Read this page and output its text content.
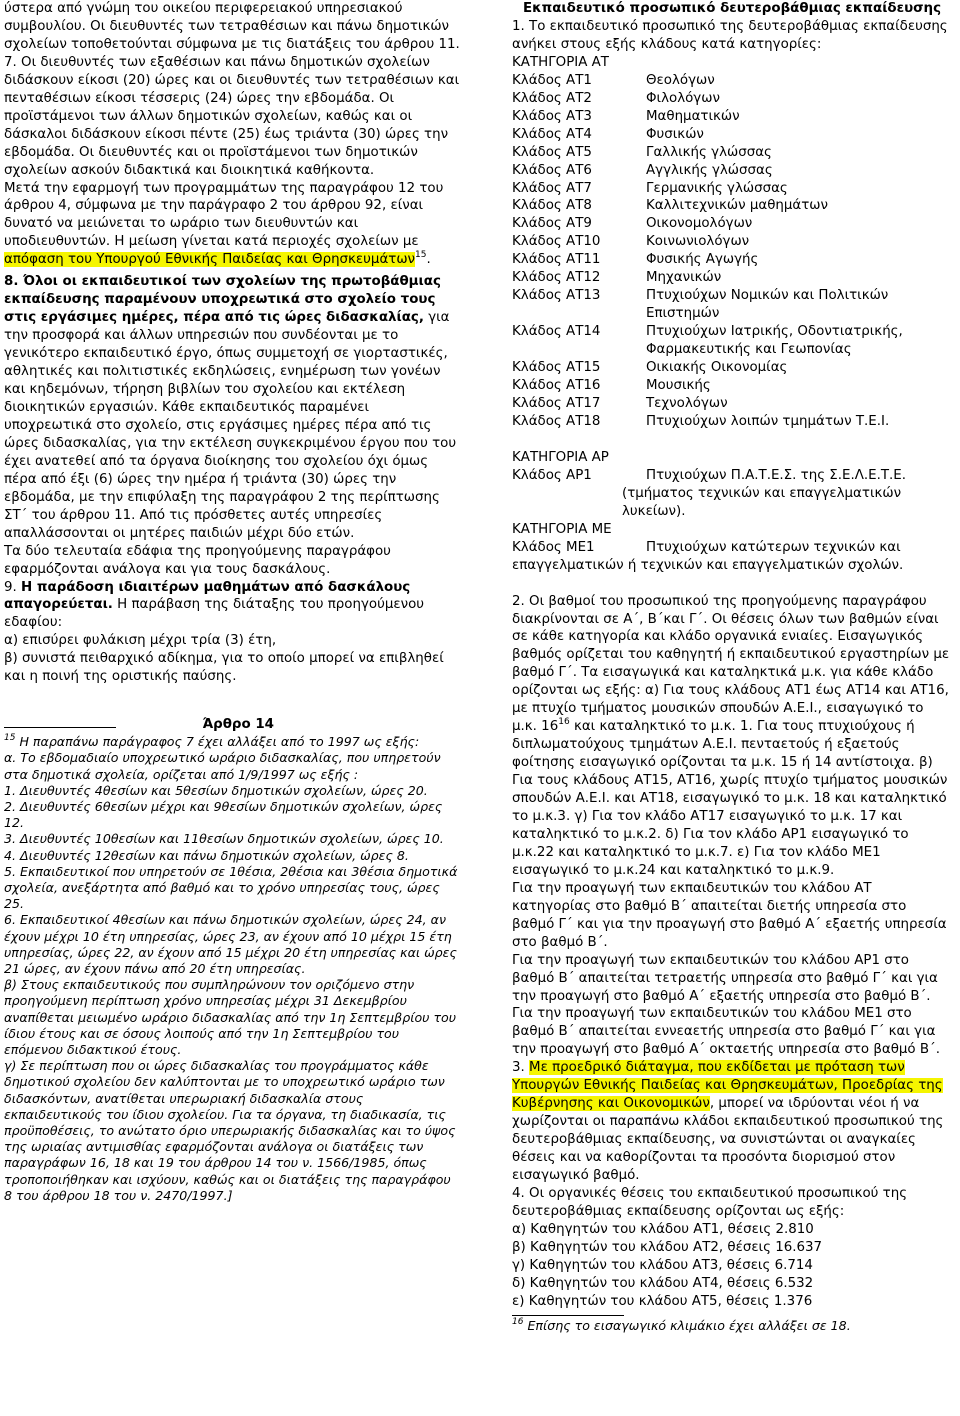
ύστερα από γνώμη του οικείου περιφερειακού υπηρεσιακού συμβουλίου. Οι διευθυντές των τετραθέσιων και πάνω δημοτικών σχολείων τοποθετούνται σύμφωνα με τις διατάξεις του άρθρου 11.

7. Οι διευθυντές των εξαθέσιων και πάνω δημοτικών σχολείων διδάσκουν είκοσι (20) ώρες και οι διευθυντές των τετραθέσιων και πενταθέσιων είκοσι τέσσερις (24) ώρες την εβδομάδα. Οι προϊστάμενοι των άλλων δημοτικών σχολείων, καθώς και οι δάσκαλοι διδάσκουν είκοσι πέντε (25) έως τριάντα (30) ώρες την εβδομάδα. Οι διευθυντές και οι προϊστάμενοι των δημοτικών σχολείων ασκούν διδακτικά και διοικητικά καθήκοντα.

Μετά την εφαρμογή των προγραμμάτων της παραγράφου 12 του άρθρου 4, σύμφωνα με την παράγραφο 2 του άρθρου 92, είναι δυνατό να μειώνεται το ωράριο των διευθυντών και υποδιευθυντών. Η μείωση γίνεται κατά περιοχές σχολείων με απόφαση του Υπουργού Εθνικής Παιδείας και Θρησκευμάτων$^{15}$.

8. Όλοι οι εκπαιδευτικοί των σχολείων της πρωτοβάθμιας εκπαίδευσης παραμένουν υποχρεωτικά στο σχολείο τους στις εργάσιμες ημέρες, πέρα από τις ώρες διδασκαλίας, για την προσφορά και άλλων υπηρεσιών που συνδέονται με το γενικότερο εκπαιδευτικό έργο, όπως συμμετοχή σε γιορταστικές, αθλητικές και πολιτιστικές εκδηλώσεις, ενημέρωση των γονέων και κηδεμόνων, τήρηση βιβλίων του σχολείου και εκτέλεση διοικητικών εργασιών. Κάθε εκπαιδευτικός παραμένει υποχρεωτικά στο σχολείο, στις εργάσιμες ημέρες πέρα από τις ώρες διδασκαλίας, για την εκτέλεση συγκεκριμένου έργου που του έχει ανατεθεί από τα όργανα διοίκησης του σχολείου όχι όμως πέρα από έξι (6) ώρες την ημέρα ή τριάντα (30) ώρες την εβδομάδα, με την επιφύλαξη της παραγράφου 2 της περίπτωσης ΣΤ΄ του άρθρου 11. Από τις πρόσθετες αυτές υπηρεσίες απαλλάσσονται οι μητέρες παιδιών μέχρι δύο ετών.

Τα δύο τελευταία εδάφια της προηγούμενης παραγράφου εφαρμόζονται ανάλογα και για τους δασκάλους.

9. Η παράδοση ιδιαιτέρων μαθημάτων από δασκάλους απαγορεύεται. Η παράβαση της διάταξης του προηγούμενου εδαφίου:

α) επισύρει φυλάκιση μέχρι τρία (3) έτη,

β) συνιστά πειθαρχικό αδίκημα, για το οποίο μπορεί να επιβληθεί και η ποινή της οριστικής παύσης.

Άρθρο 14
$^{15}$ Η παραπάνω παράγραφος 7 έχει αλλάξει από το 1997 ως εξής:
α. Το εβδομαδιαίο υποχρεωτικό ωράριο διδασκαλίας, που υπηρετούν στα δημοτικά σχολεία, ορίζεται από 1/9/1997 ως εξής :
1. Διευθυντές 4θεσίων και 5θεσίων δημοτικών σχολείων, ώρες 20.
2. Διευθυντές 6θεσίων μέχρι και 9θεσίων δημοτικών σχολείων, ώρες 12.
3. Διευθυντές 10θεσίων και 11θεσίων δημοτικών σχολείων, ώρες 10.
4. Διευθυντές 12θεσίων και πάνω δημοτικών σχολείων, ώρες 8.
5. Εκπαιδευτικοί που υπηρετούν σε 1θέσια, 2θέσια και 3θέσια δημοτικά σχολεία, ανεξάρτητα από βαθμό και το χρόνο υπηρεσίας τους, ώρες 25.
6. Εκπαιδευτικοί 4θεσίων και πάνω δημοτικών σχολείων, ώρες 24, αν έχουν μέχρι 10 έτη υπηρεσίας, ώρες 23, αν έχουν από 10 μέχρι 15 έτη υπηρεσίας, ώρες 22, αν έχουν από 15 μέχρι 20 έτη υπηρεσίας και ώρες 21 ώρες, αν έχουν πάνω από 20 έτη υπηρεσίας.
β) Στους εκπαιδευτικούς που συμπληρώνουν τον οριζόμενο στην προηγούμενη περίπτωση χρόνο υπηρεσίας μέχρι 31 Δεκεμβρίου αναπίθεται μειωμένο ωράριο διδασκαλίας από την 1η Σεπτεμβρίου του ίδιου έτους και σε όσους λοιπούς από την 1η Σεπτεμβρίου του επόμενου διδακτικού έτους.
γ) Σε περίπτωση που οι ώρες διδασκαλίας του προγράμματος κάθε δημοτικού σχολείου δεν καλύπτονται με το υποχρεωτικό ωράριο των διδασκόντων, ανατίθεται υπερωριακή διδασκαλία στους εκπαιδευτικούς του ίδιου σχολείου. Για τα όργανα, τη διαδικασία, τις προϋποθέσεις, το ανώτατο όριο υπερωριακής διδασκαλίας και το ύψος της ωριαίας αντιμισθίας εφαρμόζονται ανάλογα οι διατάξεις των παραγράφων 16, 18 και 19 του άρθρου 14 του ν. 1566/1985, όπως τροποποιήθηκαν και ισχύουν, καθώς και οι διατάξεις της παραγράφου 8 του άρθρου 18 του ν. 2470/1997.]
Εκπαιδευτικό προσωπικό δευτεροβάθμιας εκπαίδευσης

1. Το εκπαιδευτικό προσωπικό της δευτεροβάθμιας εκπαίδευσης ανήκει στους εξής κλάδους κατά κατηγορίες:

ΚΑΤΗΓΟΡΙΑ ΑΤ
Κλάδος ΑΤ1	Θεολόγων
Κλάδος ΑΤ2	Φιλολόγων
Κλάδος ΑΤ3	Μαθηματικών
Κλάδος ΑΤ4	Φυσικών
Κλάδος ΑΤ5	Γαλλικής γλώσσας
Κλάδος ΑΤ6	Αγγλικής γλώσσας
Κλάδος ΑΤ7	Γερμανικής γλώσσας
Κλάδος ΑΤ8	Καλλιτεχνικών μαθημάτων
Κλάδος ΑΤ9	Οικονομολόγων
Κλάδος ΑΤ10	Κοινωνιολόγων
Κλάδος ΑΤ11	Φυσικής Αγωγής
Κλάδος ΑΤ12	Μηχανικών
Κλάδος ΑΤ13	Πτυχιούχων Νομικών και Πολιτικών Επιστημών
Κλάδος ΑΤ14	Πτυχιούχων Ιατρικής, Οδοντιατρικής, Φαρμακευτικής και Γεωπονίας
Κλάδος ΑΤ15	Οικιακής Οικονομίας
Κλάδος ΑΤ16	Μουσικής
Κλάδος ΑΤ17	Τεχνολόγων
Κλάδος ΑΤ18	Πτυχιούχων λοιπών τμημάτων Τ.Ε.Ι.
ΚΑΤΗΓΟΡΙΑ ΑΡ
Κλάδος ΑΡ1	Πτυχιούχων Π.Α.Τ.Ε.Σ. της Σ.Ε.Λ.Ε.Τ.Ε.
(τμήματος τεχνικών και επαγγελματικών λυκείων).
ΚΑΤΗΓΟΡΙΑ ΜΕ
Κλάδος ΜΕ1	Πτυχιούχων κατώτερων τεχνικών και
επαγγελματικών ή τεχνικών και επαγγελματικών σχολών.

2. Οι βαθμοί του προσωπικού της προηγούμενης παραγράφου διακρίνονται σε Α΄, Β΄και Γ΄. Οι θέσεις όλων των βαθμών είναι σε κάθε κατηγορία και κλάδο οργανικά ενιαίες. Εισαγωγικός βαθμός ορίζεται του καθηγητή ή εκπαιδευτικού εργαστηρίων με βαθμό Γ΄. Τα εισαγωγικά και καταληκτικά μ.κ. για κάθε κλάδο ορίζονται ως εξής: α) Για τους κλάδους ΑΤ1 έως ΑΤ14 και ΑΤ16, με πτυχίο τμήματος μουσικών σπουδών Α.Ε.Ι., εισαγωγικό το μ.κ. $16^{16}$ και καταληκτικό το μ.κ. 1. Για τους πτυχιούχους ή διπλωματούχους τμημάτων Α.Ε.Ι. πενταετούς ή εξαετούς φοίτησης εισαγωγικό ορίζονται τα μ.κ. 15 ή 14 αντίστοιχα. β) Για τους κλάδους ΑΤ15, ΑΤ16, χωρίς πτυχίο τμήματος μουσικών σπουδών Α.Ε.Ι. και ΑΤ18, εισαγωγικό το μ.κ. 18 και καταληκτικό το μ.κ.3. γ) Για τον κλάδο ΑΤ17 εισαγωγικό το μ.κ. 17 και καταληκτικό το μ.κ.2. δ) Για τον κλάδο ΑΡ1 εισαγωγικό το μ.κ.22 και καταληκτικό το μ.κ.7. ε) Για τον κλάδο ΜΕ1 εισαγωγικό το μ.κ.24 και καταληκτικό το μ.κ.9.

Για την προαγωγή των εκπαιδευτικών του κλάδου ΑΤ κατηγορίας στο βαθμό Β΄ απαιτείται διετής υπηρεσία στο βαθμό Γ΄ και για την προαγωγή στο βαθμό Α΄ εξαετής υπηρεσία στο βαθμό Β΄.

Για την προαγωγή των εκπαιδευτικών του κλάδου ΑΡ1 στο βαθμό Β΄ απαιτείται τετραετής υπηρεσία στο βαθμό Γ΄ και για την προαγωγή στο βαθμό Α΄ εξαετής υπηρεσία στο βαθμό Β΄.

Για την προαγωγή των εκπαιδευτικών του κλάδου ΜΕ1 στο βαθμό Β΄ απαιτείται εννεαετής υπηρεσία στο βαθμό Γ΄ και για την προαγωγή στο βαθμό Α΄ οκταετής υπηρεσία στο βαθμό Β΄.

3. Με προεδρικό διάταγμα, που εκδίδεται με πρόταση των Υπουργών Εθνικής Παιδείας και Θρησκευμάτων, Προεδρίας της Κυβέρνησης και Οικονομικών, μπορεί να ιδρύονται νέοι ή να χωρίζονται οι παραπάνω κλάδοι εκπαιδευτικού προσωπικού της δευτεροβάθμιας εκπαίδευσης, να συνιστώνται οι αναγκαίες θέσεις και να καθορίζονται τα προσόντα διορισμού στον εισαγωγικό βαθμό.

4. Οι οργανικές θέσεις του εκπαιδευτικού προσωπικού της δευτεροβάθμιας εκπαίδευσης ορίζονται ως εξής:

α) Καθηγητών του κλάδου ΑΤ1, θέσεις 2.810
β) Καθηγητών του κλάδου ΑΤ2, θέσεις 16.637
γ) Καθηγητών του κλάδου ΑΤ3, θέσεις 6.714
δ) Καθηγητών του κλάδου ΑΤ4, θέσεις 6.532
ε) Καθηγητών του κλάδου ΑΤ5, θέσεις 1.376
$^{16}$ Επίσης το εισαγωγικό κλιμάκιο έχει αλλάξει σε 18.
